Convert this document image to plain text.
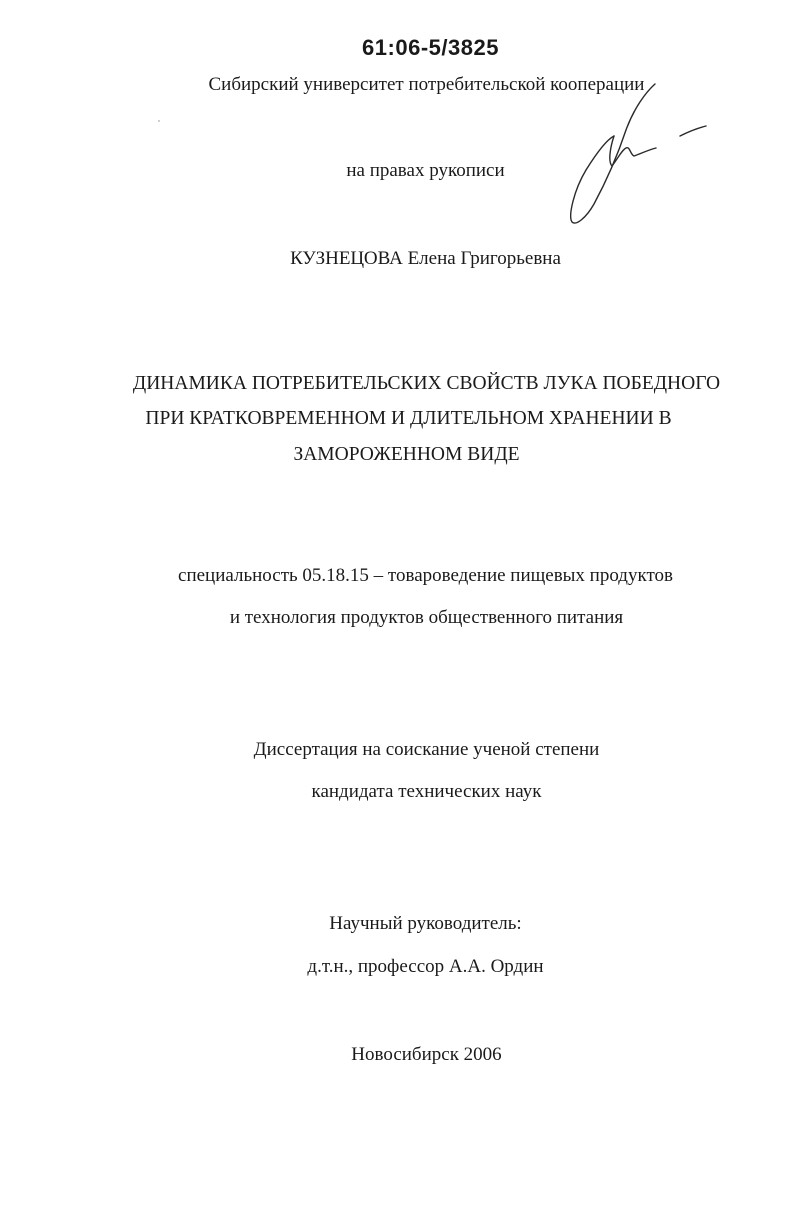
61:06-5/3825
Сибирский университет потребительской кооперации
на правах рукописи
КУЗНЕЦОВА Елена Григорьевна
ДИНАМИКА ПОТРЕБИТЕЛЬСКИХ СВОЙСТВ ЛУКА ПОБЕДНОГО
ПРИ КРАТКОВРЕМЕННОМ И ДЛИТЕЛЬНОМ ХРАНЕНИИ В
ЗАМОРОЖЕННОМ ВИДЕ
специальность 05.18.15 – товароведение пищевых продуктов
и технология продуктов общественного питания
Диссертация на соискание ученой степени
кандидата технических наук
Научный руководитель:
д.т.н., профессор А.А. Ордин
Новосибирск 2006
